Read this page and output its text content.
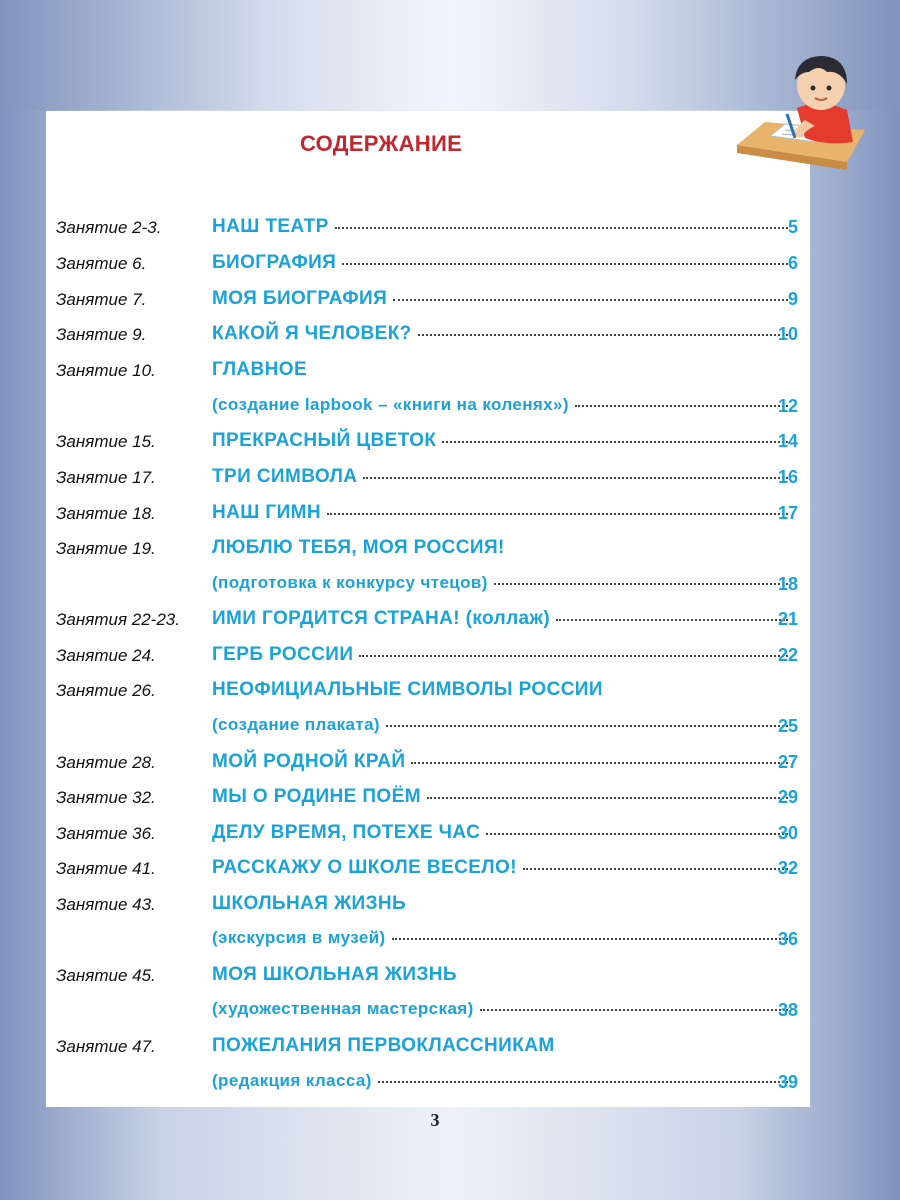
СОДЕРЖАНИЕ
Занятие 2-3.	НАШ ТЕАТР	5
Занятие 6.	БИОГРАФИЯ	6
Занятие 7.	МОЯ БИОГРАФИЯ	9
Занятие 9.	КАКОЙ Я ЧЕЛОВЕК?	10
Занятие 10.	ГЛАВНОЕ
(создание lapbook – «книги на коленях»)	12
Занятие 15.	ПРЕКРАСНЫЙ ЦВЕТОК	14
Занятие 17.	ТРИ СИМВОЛА	16
Занятие 18.	НАШ ГИМН	17
Занятие 19.	ЛЮБЛЮ ТЕБЯ, МОЯ РОССИЯ!
(подготовка к конкурсу чтецов)	18
Занятия 22-23. ИМИ ГОРДИТСЯ СТРАНА! (коллаж)	21
Занятие 24.	ГЕРБ РОССИИ	22
Занятие 26.	НЕОФИЦИАЛЬНЫЕ СИМВОЛЫ РОССИИ
(создание плаката)	25
Занятие 28.	МОЙ РОДНОЙ КРАЙ	27
Занятие 32.	МЫ О РОДИНЕ ПОЁМ	29
Занятие 36.	ДЕЛУ ВРЕМЯ, ПОТЕХЕ ЧАС	30
Занятие 41.	РАССКАЖУ О ШКОЛЕ ВЕСЕЛО!	32
Занятие 43.	ШКОЛЬНАЯ ЖИЗНЬ
(экскурсия в музей)	36
Занятие 45.	МОЯ ШКОЛЬНАЯ ЖИЗНЬ
(художественная мастерская)	38
Занятие 47.	ПОЖЕЛАНИЯ ПЕРВОКЛАССНИКАМ
(редакция класса)	39
3
